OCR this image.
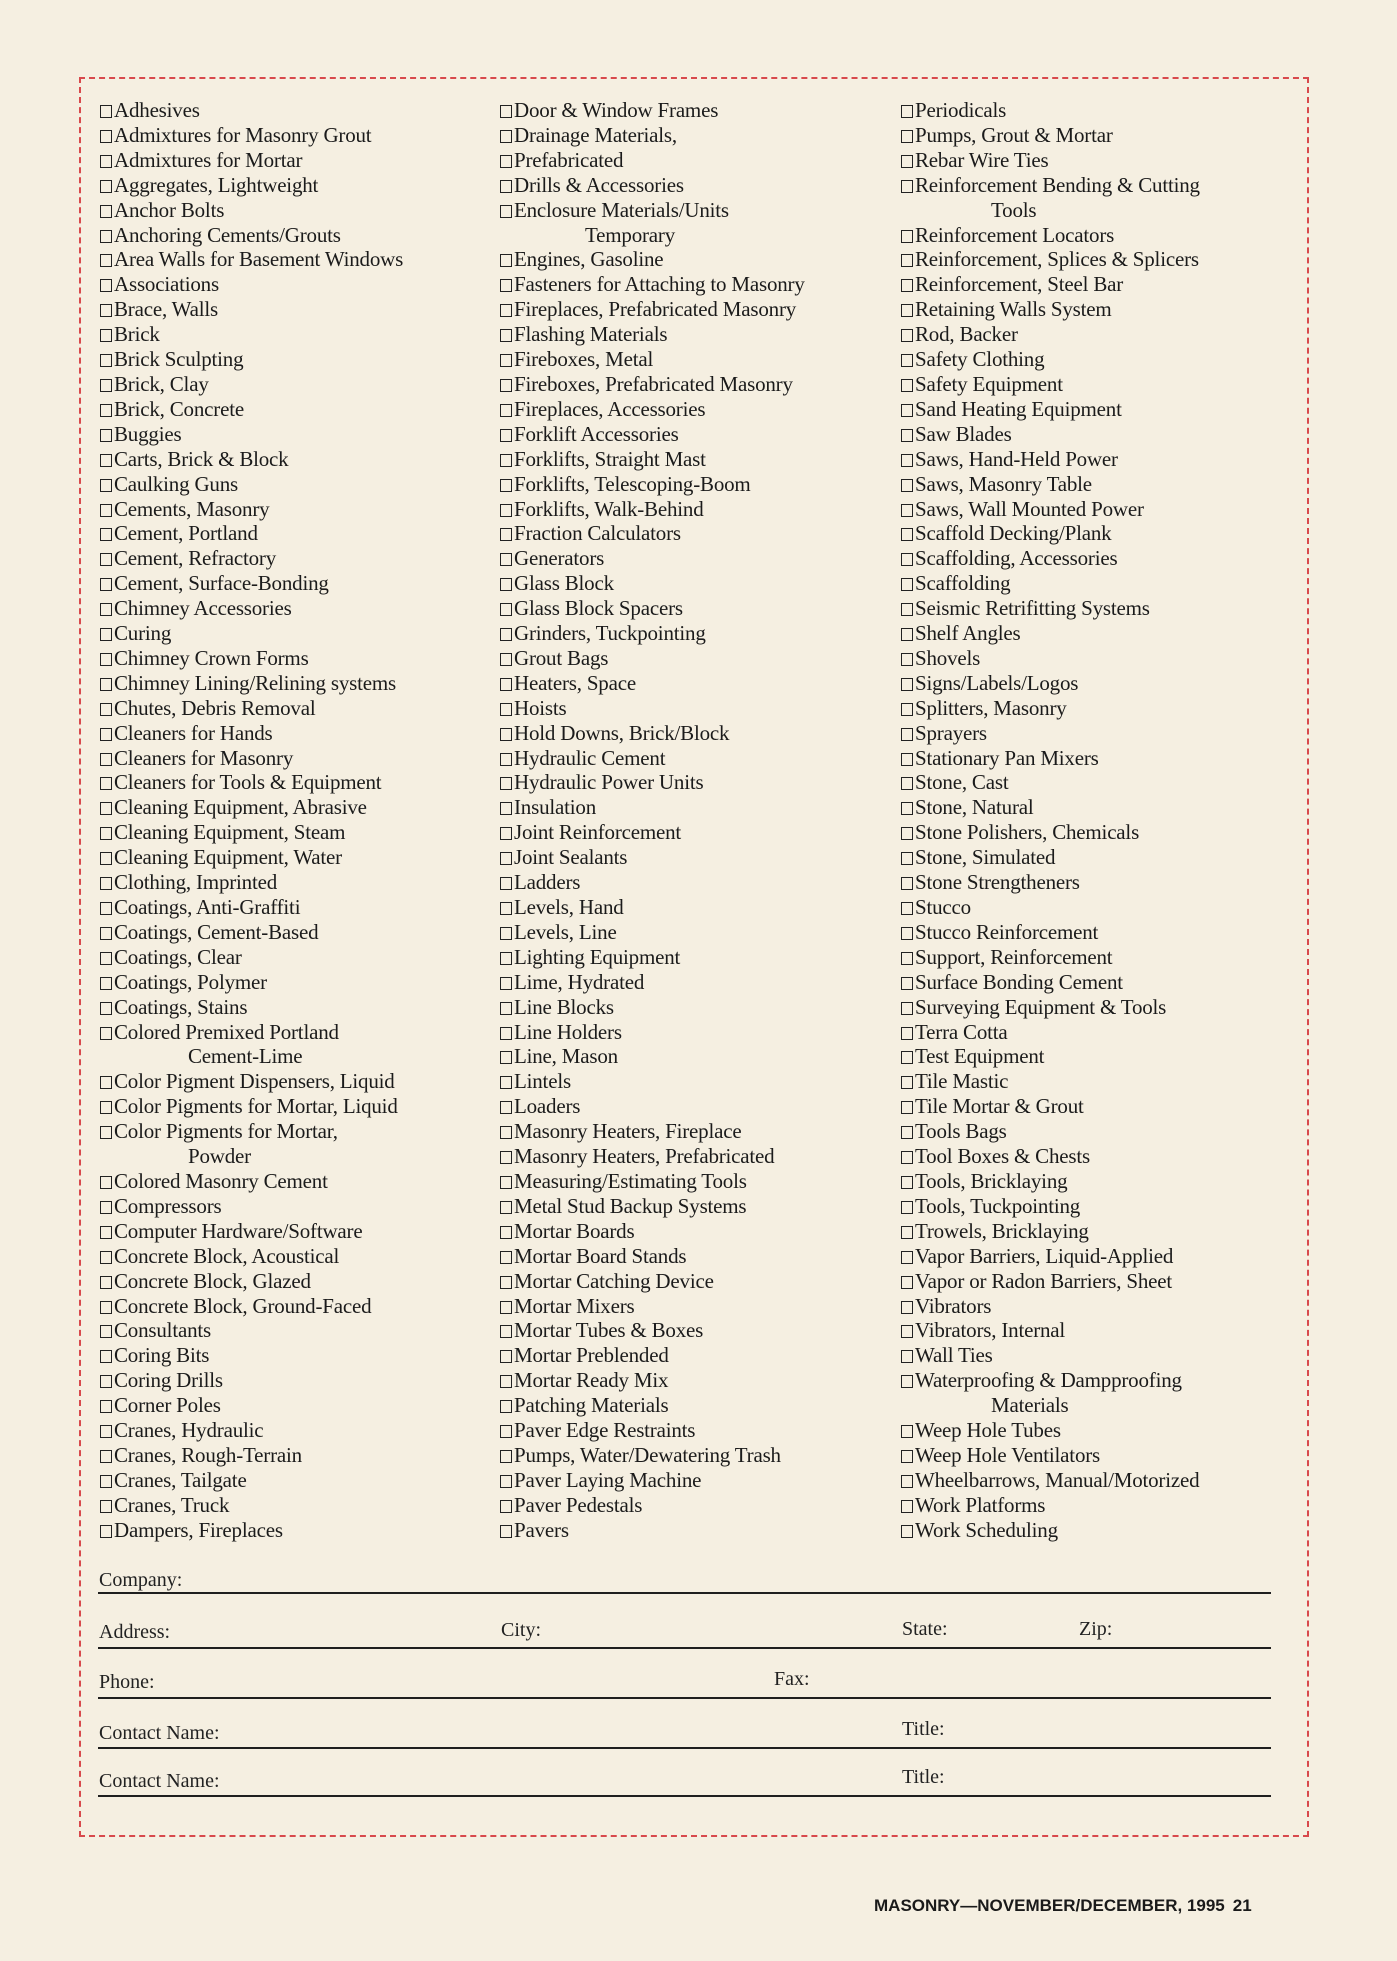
Adhesives
Admixtures for Masonry Grout
Admixtures for Mortar
Aggregates, Lightweight
Anchor Bolts
Anchoring Cements/Grouts
Area Walls for Basement Windows
Associations
Brace, Walls
Brick
Brick Sculpting
Brick, Clay
Brick, Concrete
Buggies
Carts, Brick & Block
Caulking Guns
Cements, Masonry
Cement, Portland
Cement, Refractory
Cement, Surface-Bonding
Chimney Accessories
Curing
Chimney Crown Forms
Chimney Lining/Relining systems
Chutes, Debris Removal
Cleaners for Hands
Cleaners for Masonry
Cleaners for Tools & Equipment
Cleaning Equipment, Abrasive
Cleaning Equipment, Steam
Cleaning Equipment, Water
Clothing, Imprinted
Coatings, Anti-Graffiti
Coatings, Cement-Based
Coatings, Clear
Coatings, Polymer
Coatings, Stains
Colored Premixed Portland
Cement-Lime
Color Pigment Dispensers, Liquid
Color Pigments for Mortar, Liquid
Color Pigments for Mortar,
Powder
Colored Masonry Cement
Compressors
Computer Hardware/Software
Concrete Block, Acoustical
Concrete Block, Glazed
Concrete Block, Ground-Faced
Consultants
Coring Bits
Coring Drills
Corner Poles
Cranes, Hydraulic
Cranes, Rough-Terrain
Cranes, Tailgate
Cranes, Truck
Dampers, Fireplaces
Door & Window Frames
Drainage Materials,
Prefabricated
Drills & Accessories
Enclosure Materials/Units
Temporary
Engines, Gasoline
Fasteners for Attaching to Masonry
Fireplaces, Prefabricated Masonry
Flashing Materials
Fireboxes, Metal
Fireboxes, Prefabricated Masonry
Fireplaces, Accessories
Forklift Accessories
Forklifts, Straight Mast
Forklifts, Telescoping-Boom
Forklifts, Walk-Behind
Fraction Calculators
Generators
Glass Block
Glass Block Spacers
Grinders, Tuckpointing
Grout Bags
Heaters, Space
Hoists
Hold Downs, Brick/Block
Hydraulic Cement
Hydraulic Power Units
Insulation
Joint Reinforcement
Joint Sealants
Ladders
Levels, Hand
Levels, Line
Lighting Equipment
Lime, Hydrated
Line Blocks
Line Holders
Line, Mason
Lintels
Loaders
Masonry Heaters, Fireplace
Masonry Heaters, Prefabricated
Measuring/Estimating Tools
Metal Stud Backup Systems
Mortar Boards
Mortar Board Stands
Mortar Catching Device
Mortar Mixers
Mortar Tubes & Boxes
Mortar Preblended
Mortar Ready Mix
Patching Materials
Paver Edge Restraints
Pumps, Water/Dewatering Trash
Paver Laying Machine
Paver Pedestals
Pavers
Periodicals
Pumps, Grout & Mortar
Rebar Wire Ties
Reinforcement Bending & Cutting
Tools
Reinforcement Locators
Reinforcement, Splices & Splicers
Reinforcement, Steel Bar
Retaining Walls System
Rod, Backer
Safety Clothing
Safety Equipment
Sand Heating Equipment
Saw Blades
Saws, Hand-Held Power
Saws, Masonry Table
Saws, Wall Mounted Power
Scaffold Decking/Plank
Scaffolding, Accessories
Scaffolding
Seismic Retrifitting Systems
Shelf Angles
Shovels
Signs/Labels/Logos
Splitters, Masonry
Sprayers
Stationary Pan Mixers
Stone, Cast
Stone, Natural
Stone Polishers, Chemicals
Stone, Simulated
Stone Strengtheners
Stucco
Stucco Reinforcement
Support, Reinforcement
Surface Bonding Cement
Surveying Equipment & Tools
Terra Cotta
Test Equipment
Tile Mastic
Tile Mortar & Grout
Tools Bags
Tool Boxes & Chests
Tools, Bricklaying
Tools, Tuckpointing
Trowels, Bricklaying
Vapor Barriers, Liquid-Applied
Vapor or Radon Barriers, Sheet
Vibrators
Vibrators, Internal
Wall Ties
Waterproofing & Dampproofing
Materials
Weep Hole Tubes
Weep Hole Ventilators
Wheelbarrows, Manual/Motorized
Work Platforms
Work Scheduling
Company:
Address:	City:	State:	Zip:
Phone:	Fax:
Contact Name:	Title:
Contact Name:	Title:
MASONRY—NOVEMBER/DECEMBER, 1995 21
